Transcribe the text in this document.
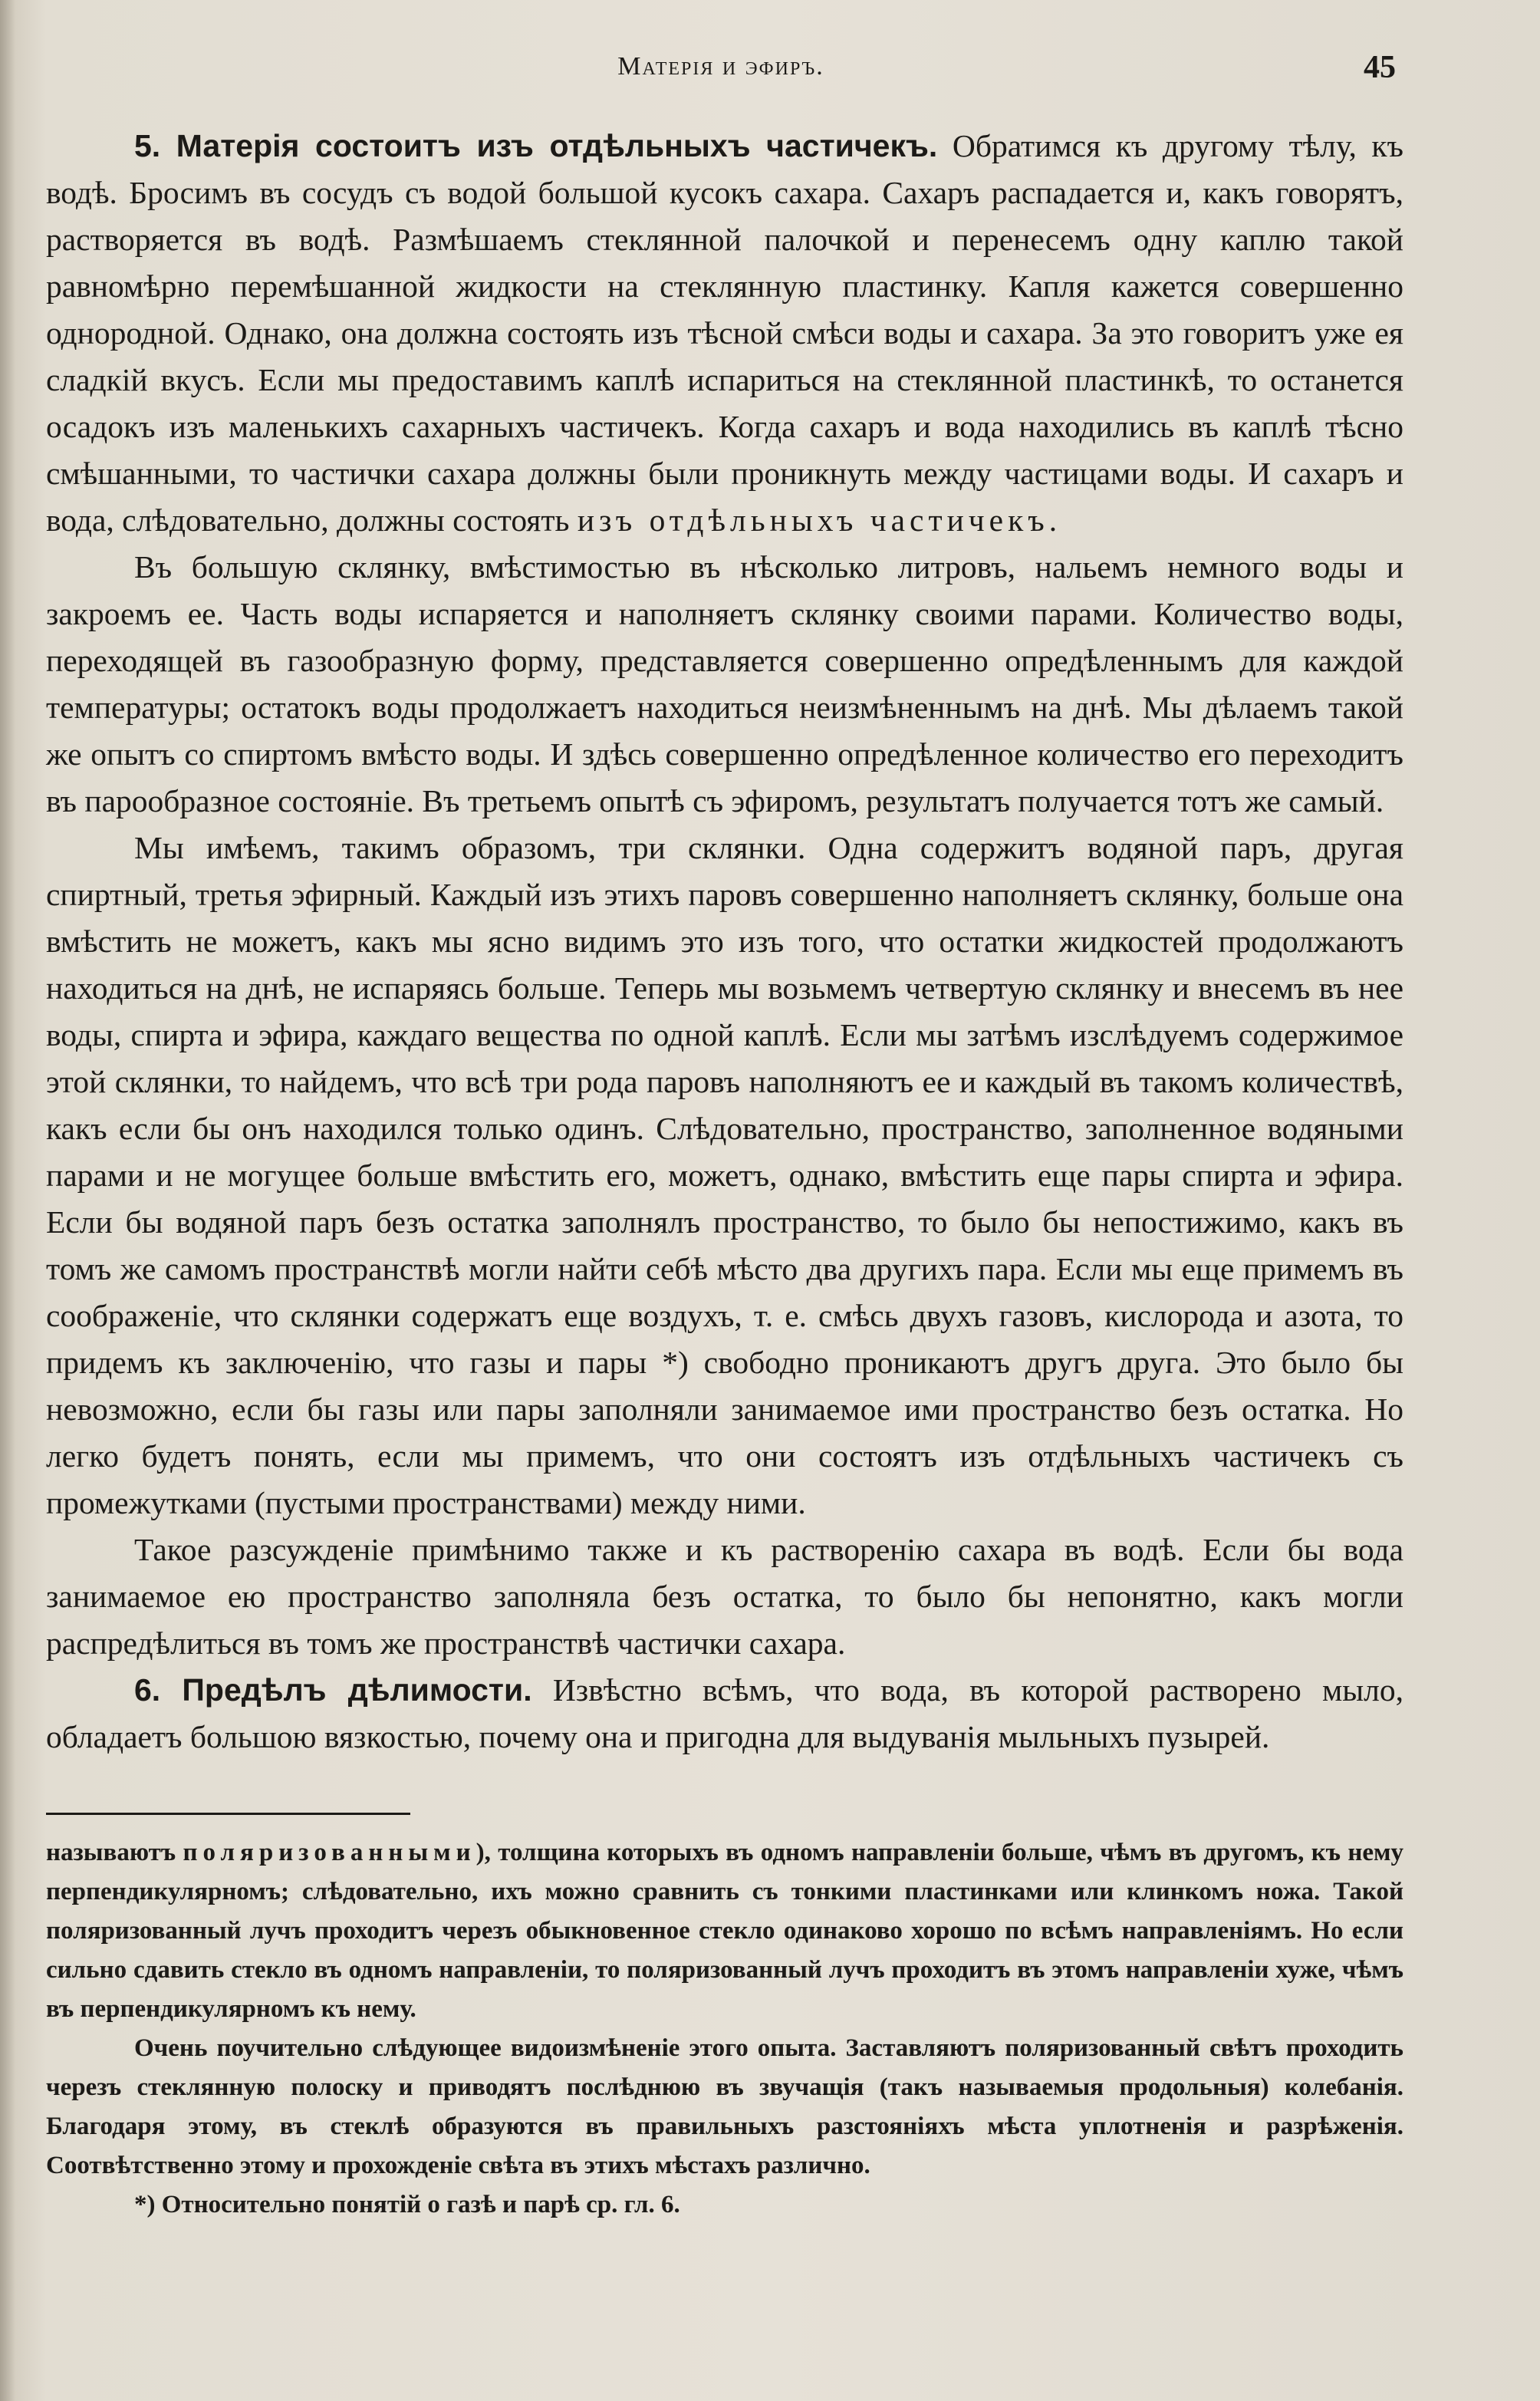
Матерія и эфиръ.	45

5. Матерія состоитъ изъ отдѣльныхъ частичекъ. Обратимся къ другому тѣлу, къ водѣ. Бросимъ въ сосудъ съ водой большой кусокъ сахара. Сахаръ распадается и, какъ говорятъ, растворяется въ водѣ. Размѣшаемъ стеклянной палочкой и перенесемъ одну каплю такой равномѣрно перемѣшанной жидкости на стеклянную пластинку. Капля кажется совершенно однородной. Однако, она должна состоять изъ тѣсной смѣси воды и сахара. За это говоритъ уже ея сладкій вкусъ. Если мы предоставимъ каплѣ испариться на стеклянной пластинкѣ, то останется осадокъ изъ маленькихъ сахарныхъ частичекъ. Когда сахаръ и вода находились въ каплѣ тѣсно смѣшанными, то частички сахара должны были проникнуть между частицами воды. И сахаръ и вода, слѣдовательно, должны состоять изъ отдѣльныхъ частичекъ.

Въ большую склянку, вмѣстимостью въ нѣсколько литровъ, нальемъ немного воды и закроемъ ее. Часть воды испаряется и наполняетъ склянку своими парами. Количество воды, переходящей въ газообразную форму, представляется совершенно опредѣленнымъ для каждой температуры; остатокъ воды продолжаетъ находиться неизмѣненнымъ на днѣ. Мы дѣлаемъ такой же опытъ со спиртомъ вмѣсто воды. И здѣсь совершенно опредѣленное количество его переходитъ въ парообразное состояніе. Въ третьемъ опытѣ съ эфиромъ, результатъ получается тотъ же самый.

Мы имѣемъ, такимъ образомъ, три склянки. Одна содержитъ водяной паръ, другая спиртный, третья эфирный. Каждый изъ этихъ паровъ совершенно наполняетъ склянку, больше она вмѣстить не можетъ, какъ мы ясно видимъ это изъ того, что остатки жидкостей продолжаютъ находиться на днѣ, не испаряясь больше. Теперь мы возьмемъ четвертую склянку и внесемъ въ нее воды, спирта и эфира, каждаго вещества по одной каплѣ. Если мы затѣмъ изслѣдуемъ содержимое этой склянки, то найдемъ, что всѣ три рода паровъ наполняютъ ее и каждый въ такомъ количествѣ, какъ если бы онъ находился только одинъ. Слѣдовательно, пространство, заполненное водяными парами и не могущее больше вмѣстить его, можетъ, однако, вмѣстить еще пары спирта и эфира. Если бы водяной паръ безъ остатка заполнялъ пространство, то было бы непостижимо, какъ въ томъ же самомъ пространствѣ могли найти себѣ мѣсто два другихъ пара. Если мы еще примемъ въ соображеніе, что склянки содержатъ еще воздухъ, т. е. смѣсь двухъ газовъ, кислорода и азота, то придемъ къ заключенію, что газы и пары *) свободно проникаютъ другъ друга. Это было бы невозможно, если бы газы или пары заполняли занимаемое ими пространство безъ остатка. Но легко будетъ понять, если мы примемъ, что они состоятъ изъ отдѣльныхъ частичекъ съ промежутками (пустыми пространствами) между ними.

Такое разсужденіе примѣнимо также и къ раствоpенію сахара въ водѣ. Если бы вода занимаемое ею пространство заполняла безъ остатка, то было бы непонятно, какъ могли распредѣлиться въ томъ же пространствѣ частички сахара.

6. Предѣлъ дѣлимости. Извѣстно всѣмъ, что вода, въ которой растворено мыло, обладаетъ большою вязкостью, почему она и пригодна для выдуванія мыльныхъ пузырей.

называютъ поляризованными), толщина которыхъ въ одномъ направленіи больше, чѣмъ въ другомъ, къ нему перпендикулярномъ; слѣдовательно, ихъ можно сравнить съ тонкими пластинками или клинкомъ ножа. Такой поляризованный лучъ проходитъ черезъ обыкновенное стекло одинаково хорошо по всѣмъ направленіямъ. Но если сильно сдавить стекло въ одномъ направленіи, то поляризованный лучъ проходитъ въ этомъ направленіи хуже, чѣмъ въ перпендикулярномъ къ нему.

Очень поучительно слѣдующее видоизмѣненіе этого опыта. Заставляютъ поляризованный свѣтъ проходить черезъ стеклянную полоску и приводятъ послѣднюю въ звучащія (такъ называемыя продольныя) колебанія. Благодаря этому, въ стеклѣ образуются въ правильныхъ разстояніяхъ мѣста уплотненія и разрѣженія. Соотвѣтственно этому и прохожденіе свѣта въ этихъ мѣстахъ различно.

*) Относительно понятій о газѣ и парѣ ср. гл. 6.
